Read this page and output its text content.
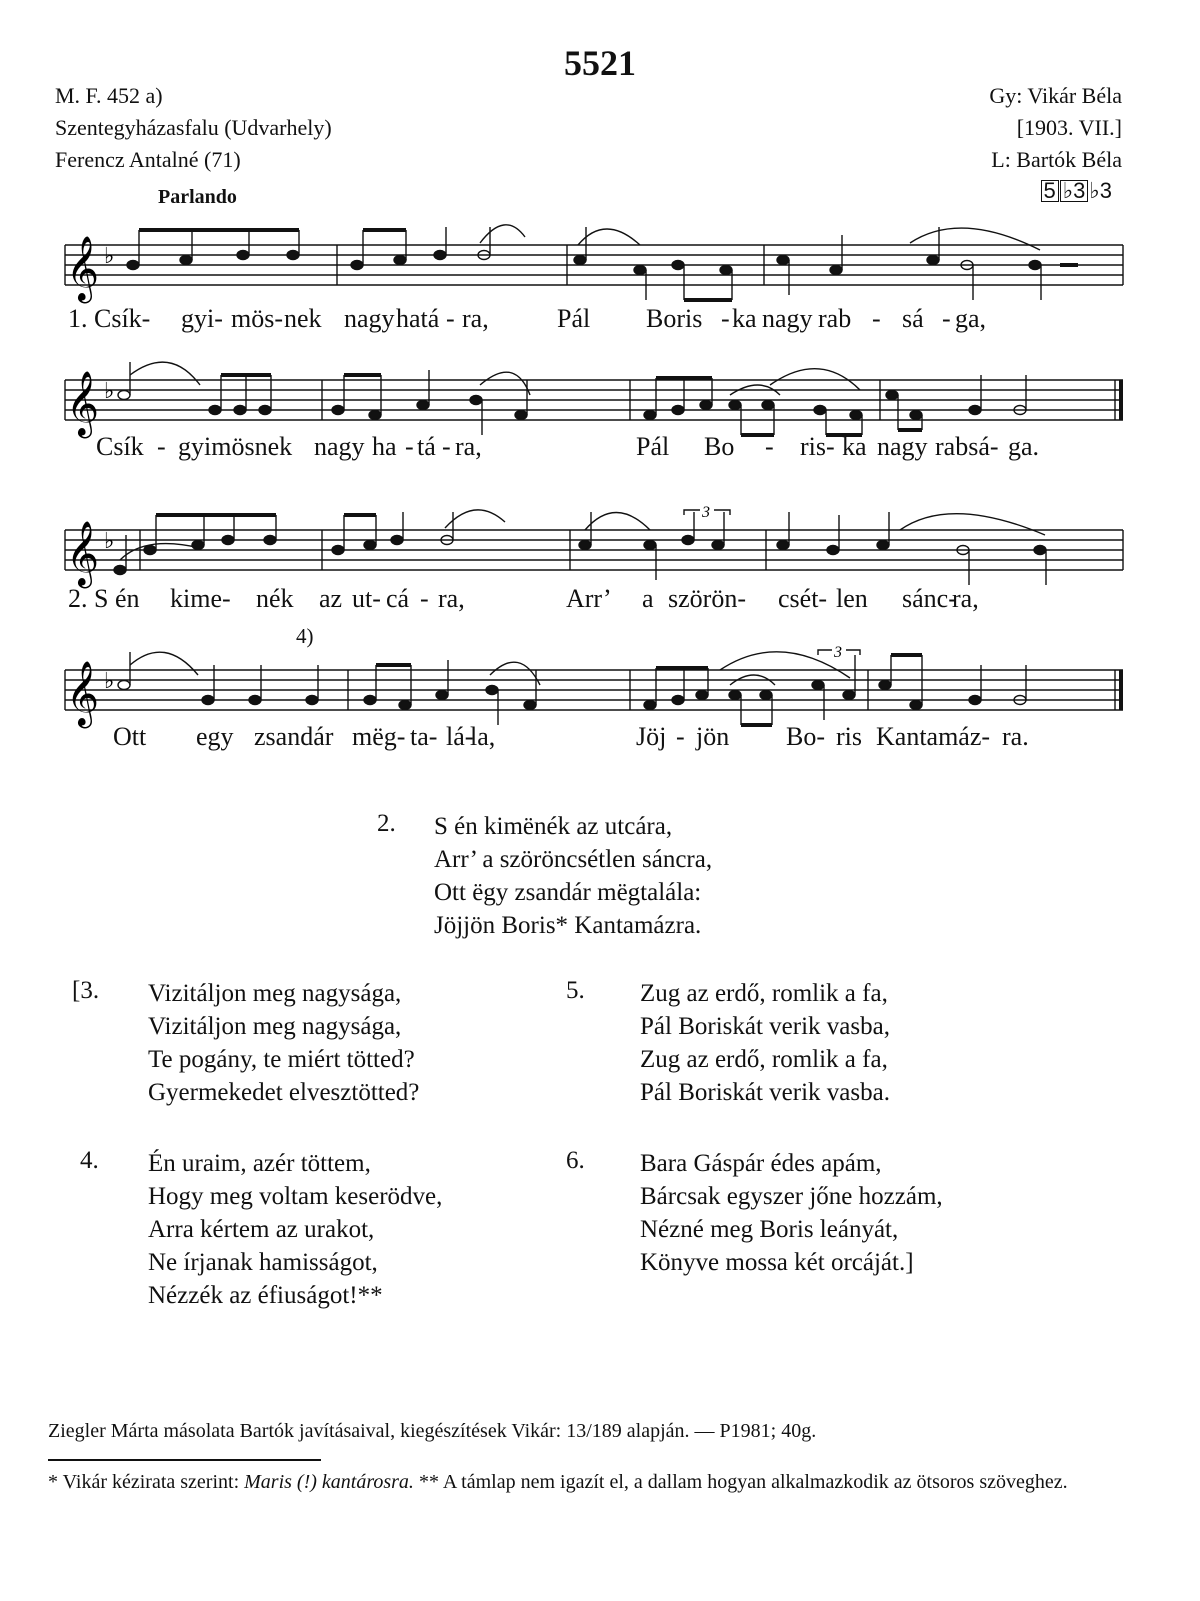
5521
M. F. 452 a)
Szentegyházasfalu (Udvarhely)
Ferencz Antalné (71)
Gy: Vikár Béla
[1903. VII.]
L: Bartók Béla
5 ♭3 ♭3
Parlando
𝄞 ♭
1. Csík- gyi- mös- nek nagy hatá - ra,	Pál Boris - ka nagy rab - sá - ga,
𝄞 ♭
Csík - gyimösnek nagy ha - tá - ra,	Pál Bo - ris- ka nagy rabsá- ga.
𝄞 ♭
3
2. S én kime- nék az ut- cá - ra,	Arr’ a szörön- csét- len sánc-
ra,
4)
𝄞 ♭
3
Ott egy zsandár mëg- ta- lá-
la,	Jöj - jön Bo- ris Kantamáz- ra.
2. S én kimënék az utcára,
Arr’ a szöröncsétlen sáncra,
Ott ëgy zsandár mëgtalála:
Jöjjön Boris* Kantamázra.
[3. Vizitáljon meg nagysága,
Vizitáljon meg nagysága,
Te pogány, te miért tötted?
Gyermekedet elvesztötted?
4. Én uraim, azér töttem,
Hogy meg voltam keserödve,
Arra kértem az urakot,
Ne írjanak hamisságot,
Nézzék az éfiuságot!**
5. Zug az erdő, romlik a fa,
Pál Boriskát verik vasba,
Zug az erdő, romlik a fa,
Pál Boriskát verik vasba.
6. Bara Gáspár édes apám,
Bárcsak egyszer jőne hozzám,
Nézné meg Boris leányát,
Könyve mossa két orcáját.]
Ziegler Márta másolata Bartók javításaival, kiegészítések Vikár: 13/189 alapján. — P1981; 40g.
* Vikár kézirata szerint: Maris (!) kantárosra. ** A támlap nem igazít el, a dallam hogyan alkalmazkodik az ötsoros szöveghez.
